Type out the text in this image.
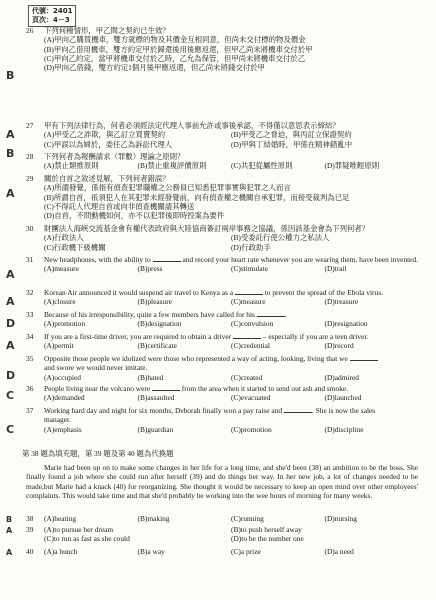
代號：2401
頁次：4－3
26 下列何種情形，甲乙間之契約已生效？
(A)甲向乙購買機車，雙方就標的物及其價金互相同意，但尚未交付標的物及價金
(B)甲向乙借用機車，雙方約定甲於歸還後用後應返還，但甲乙尚未將機車交付於甲
(C)甲向乙約定，當甲將機車交付於乙時，乙允為保管，但甲尚未將機車交付於乙
(D)甲向乙借錢，雙方約定1個月後甲應返還，但乙尚未將錢交付於甲
B
27 甲有下列法律行為，何者必須經法定代理人事前允許或事後承認，不得僅以意思表示締結？
(A)甲受乙之詐欺，與乙訂立買賣契約	(B)甲受乙之脅迫，與丙訂立保證契約
(C)甲誤以為婦於，委任乙為訴訟代理人	(D)甲與丁結婚時，甲係在精神錯亂中
A
28 下列何者為報酬請求（罪數）理論之原則？
(A)禁止類推原則	(B)禁止重複評價原則	(C)共犯從屬性原則	(D)罪疑唯輕原則
B
29 關於自首之敘述見解，下列何者錯誤？
(A)所謂發覺，係指有偵查犯罪職權之公務員已知悉犯罪事實與犯罪之人而言
(B)所謂自首，祇須犯人在其犯罪未經發覺前，向有偵查權之機關自承犯罪，而接受裁判為已足
(C)不得託人代理自首或向非偵查機關請其轉送
(D)自首，不問動機如何，亦不以犯罪後即時投案為要件
A
30 財團法人海峽交流基金會有權代表政府與大陸協商簽訂兩岸事務之協議，係因該基金會為下列何者？
(A)行政法人	(B)受委託行使公權力之私法人
(C)行政機下級機關	(D)行政助手
31 New headphones, with the ability to	and record your heart rate whenever you are wearing them, have been invented.
(A)measure	(B)press	(C)stimulate	(D)trail
A
32 Korean Air announced it would suspend air travel to Kenya as a	to prevent the spread of the Ebola virus.
(A)closure	(B)pleasure	(C)measure	(D)treasure
A
33 Because of his irresponsibility, quite a few members have called for his	.
(A)promotion	(B)designation	(C)convulsion	(D)resignation
D
34 If you are a first-time driver, you are required to obtain a driver	– especially if you are a teen driver.
(A)permit	(B)certificate	(C)credential	(D)record
A
35 Opposite those people we idolized were those who represented a way of acting, looking, living that we
and swore we would never imitate.
(A)occupied	(B)hated	(C)created	(D)admired
D
36 People living near the volcano were	from the area when it started to send out ash and smoke.
(A)demanded	(B)assaulted	(C)evacuated	(D)launched
C
37 Working hard day and night for six months, Deborah finally won a pay raise and	. She is now the sales
manager.
(A)emphasis	(B)guardian	(C)promotion	(D)discipline
C
第 38 題為填充題，第 39 題及第 40 題為代換題
Marie had been up on to make some changes in her life for a long time, and she'd been (38) an ambition to be the boss. She finally found a job where she could run after herself (39) and do things her way. In her new job, a lot of changes needed to be made,but Marie had a knack (40) for reorganizing. She thought it would be necessary to keep an open mind over other employees' complaints. This would take time and that she'd probably be working into the wee hours of morning for many weeks.
38 (A)heating	(B)making	(C)running	(D)nursing
B
39 (A)to pursue her dream	(B)to push herself away
(C)to run as fast as she could	(D)to be the number one
A
40 (A)a hunch	(B)a way	(C)a prize	(D)a need
A
